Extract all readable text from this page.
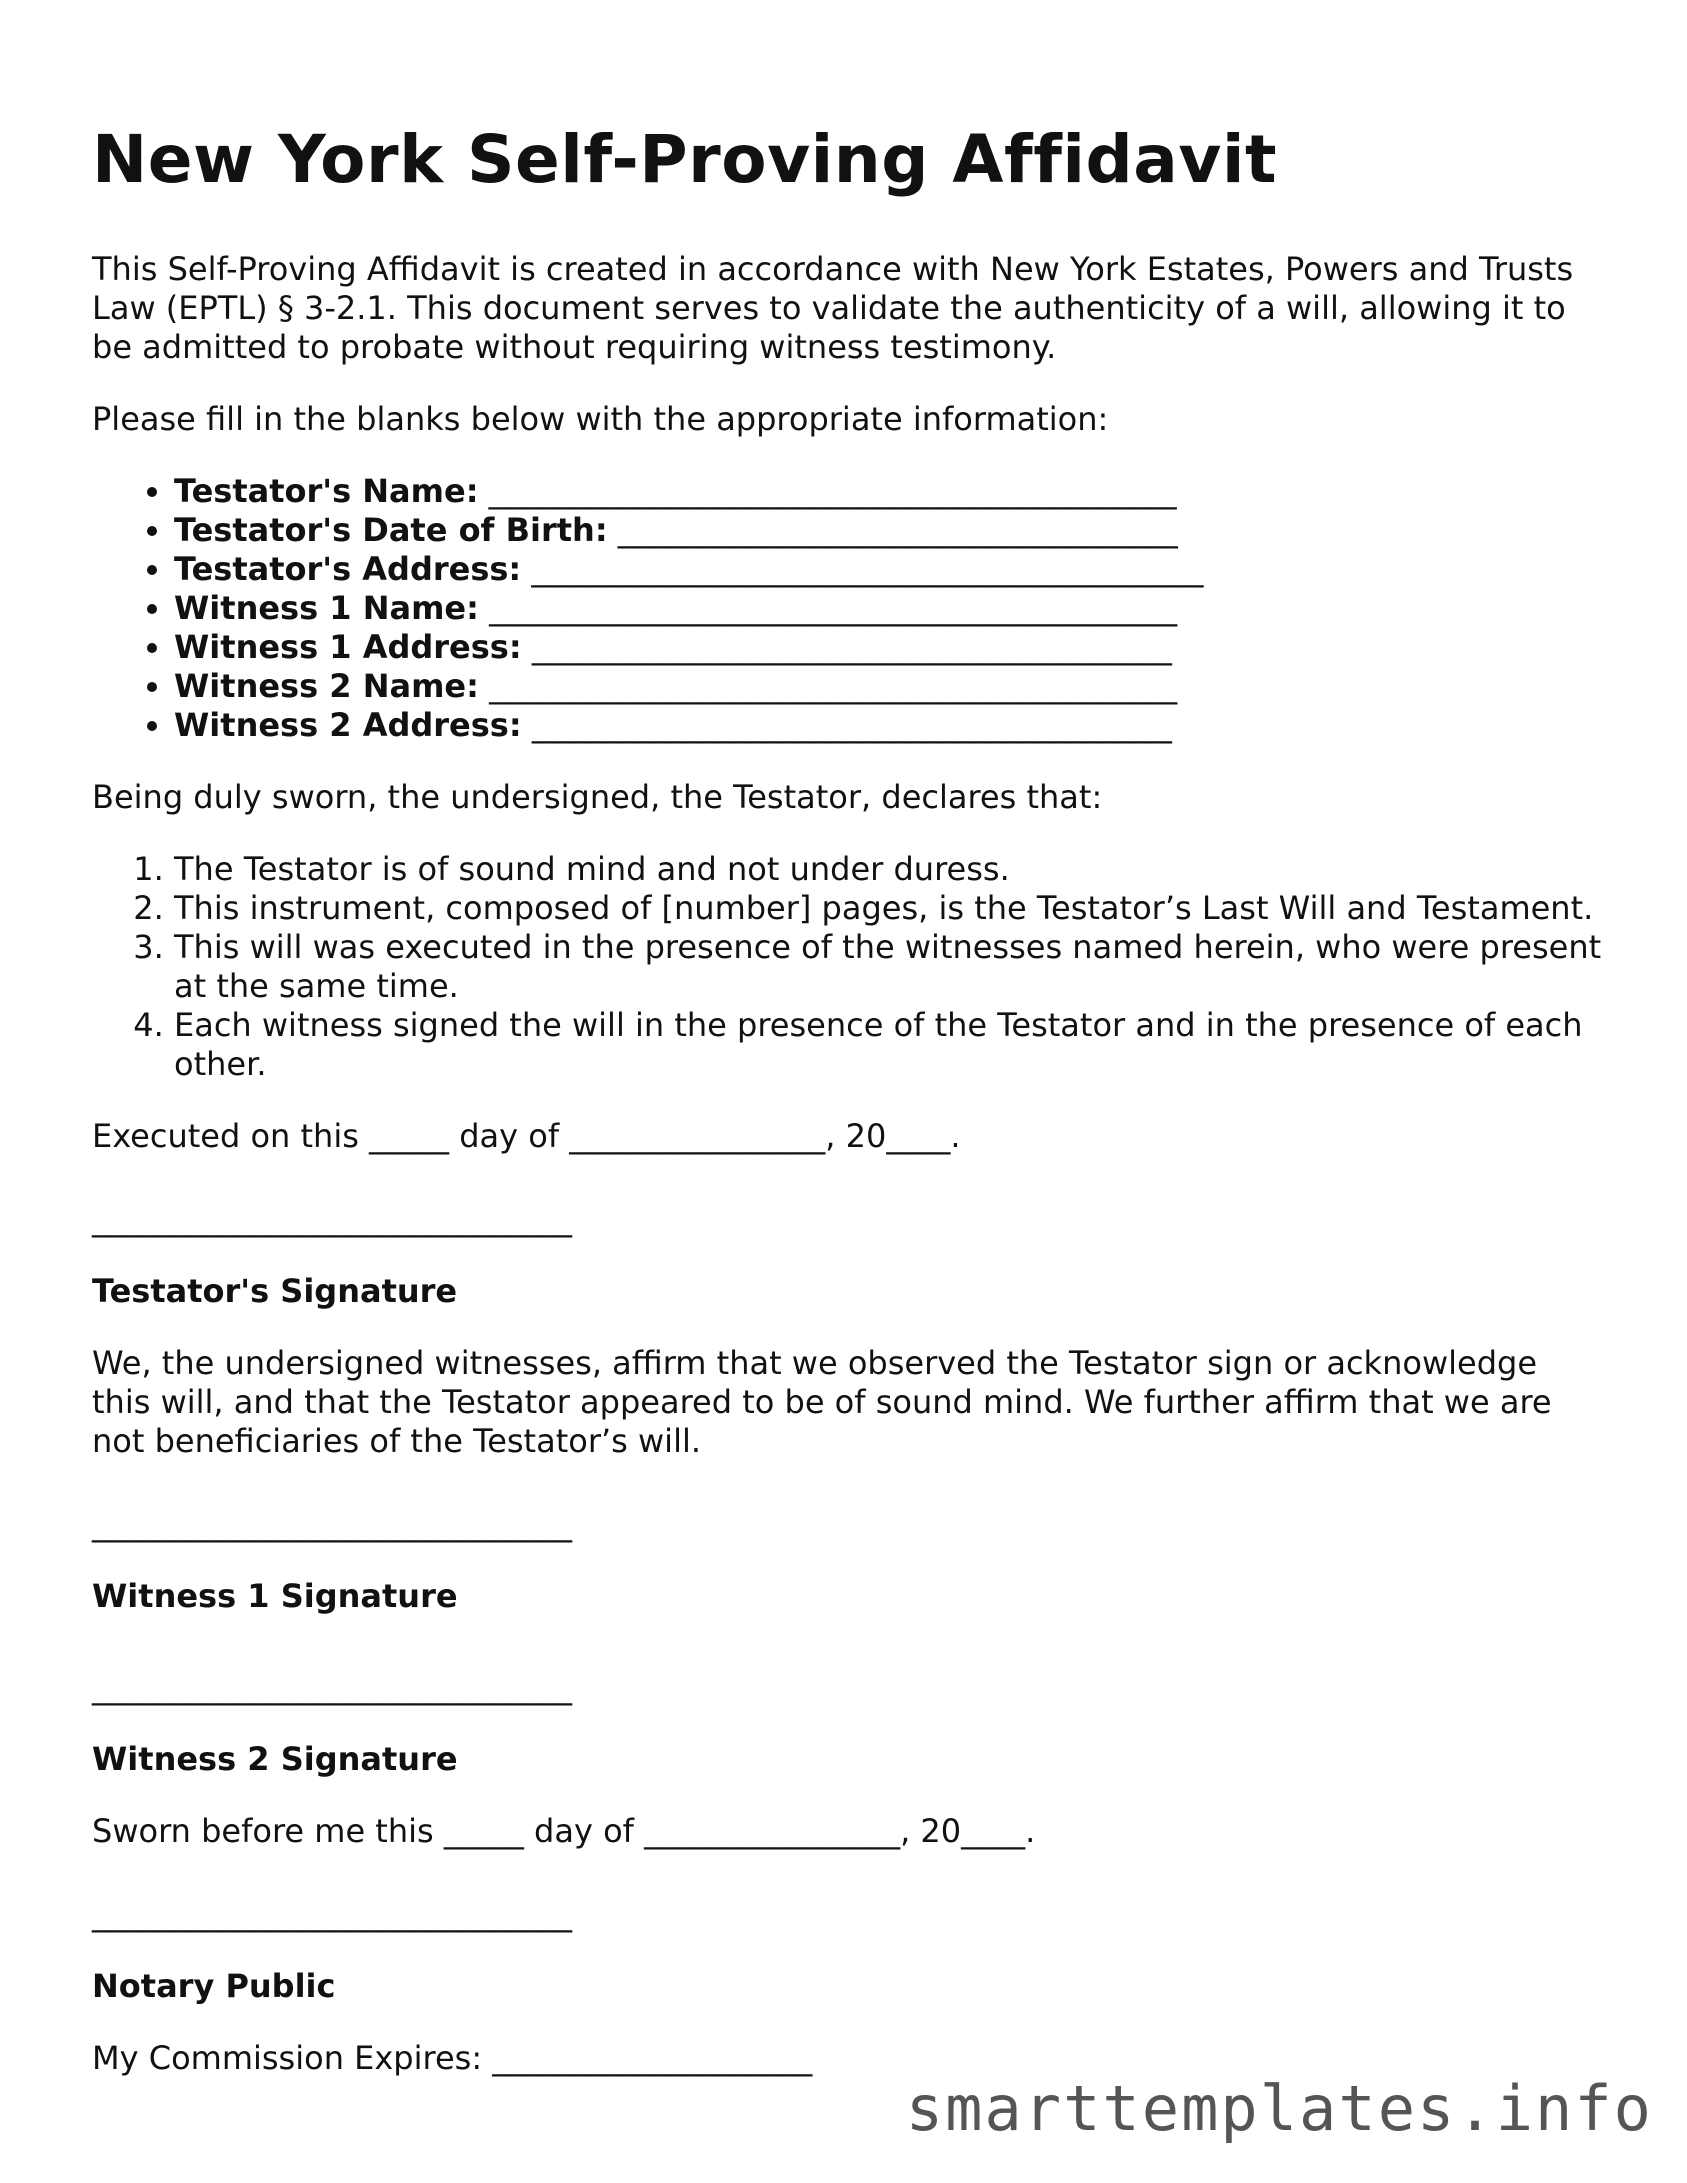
New York Self-Proving Affidavit

This Self-Proving Affidavit is created in accordance with New York Estates, Powers and Trusts Law (EPTL) § 3-2.1. This document serves to validate the authenticity of a will, allowing it to be admitted to probate without requiring witness testimony.

Please fill in the blanks below with the appropriate information:

• Testator's Name: ___________________________________________
• Testator's Date of Birth: ___________________________________
• Testator's Address: __________________________________________
• Witness 1 Name: ___________________________________________
• Witness 1 Address: ________________________________________
• Witness 2 Name: ___________________________________________
• Witness 2 Address: ________________________________________

Being duly sworn, the undersigned, the Testator, declares that:

1. The Testator is of sound mind and not under duress.
2. This instrument, composed of [number] pages, is the Testator’s Last Will and Testament.
3. This will was executed in the presence of the witnesses named herein, who were present at the same time.
4. Each witness signed the will in the presence of the Testator and in the presence of each other.

Executed on this _____ day of ________________, 20____.

______________________________

Testator's Signature

We, the undersigned witnesses, affirm that we observed the Testator sign or acknowledge this will, and that the Testator appeared to be of sound mind. We further affirm that we are not beneficiaries of the Testator’s will.

______________________________

Witness 1 Signature

______________________________

Witness 2 Signature

Sworn before me this _____ day of ________________, 20____.

______________________________

Notary Public

My Commission Expires: ____________________

smarttemplates.info
